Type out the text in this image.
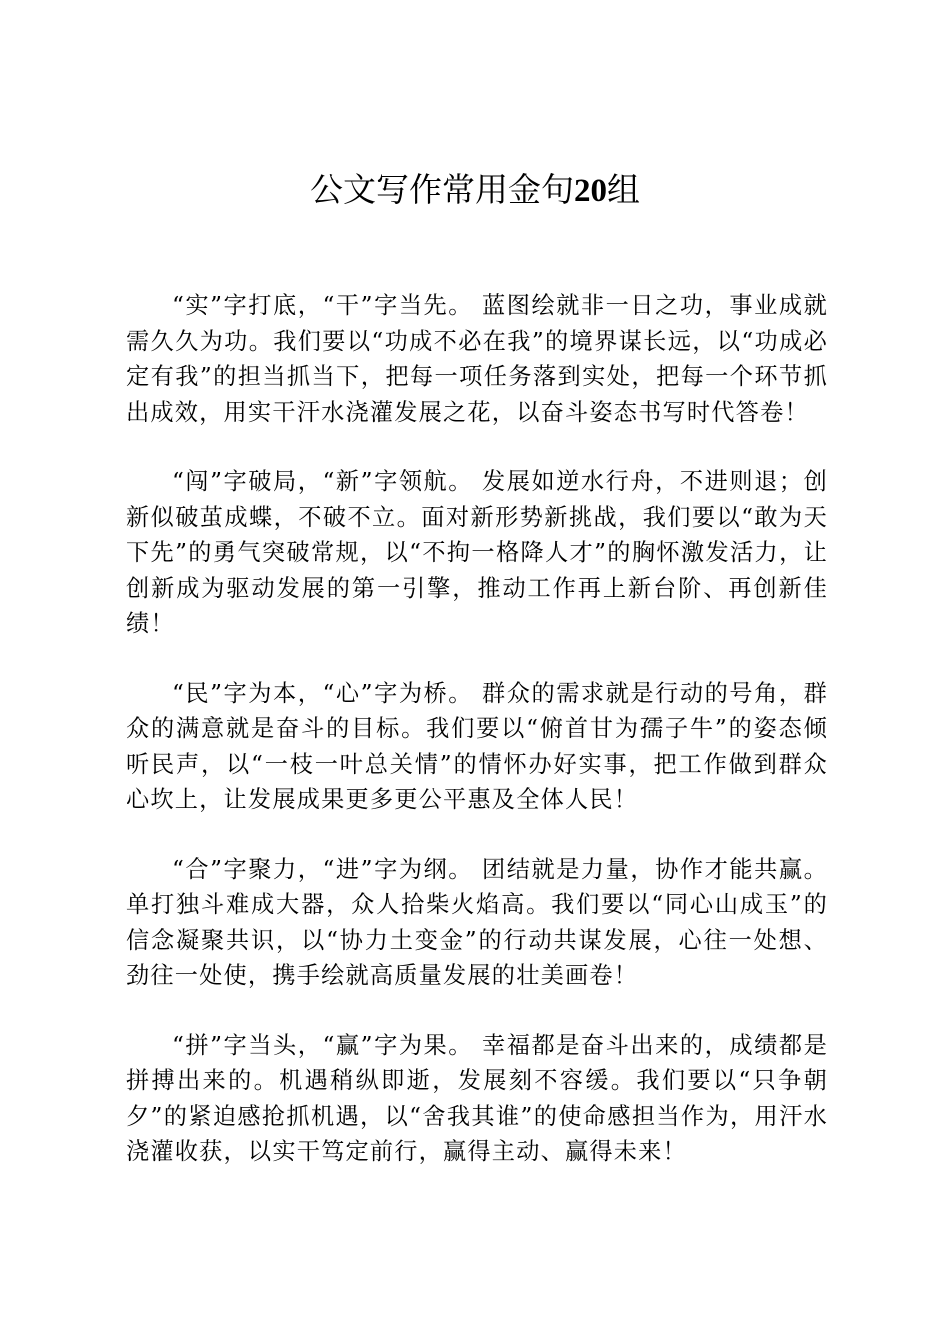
公文写作常用金句20组

“实”字打底，“干”字当先。 蓝图绘就非一日之功，事业成就需久久为功。我们要以“功成不必在我”的境界谋长远，以“功成必定有我”的担当抓当下，把每一项任务落到实处，把每一个环节抓出成效，用实干汗水浇灌发展之花，以奋斗姿态书写时代答卷！

“闯”字破局，“新”字领航。 发展如逆水行舟，不进则退；创新似破茧成蝶，不破不立。面对新形势新挑战，我们要以“敢为天下先”的勇气突破常规，以“不拘一格降人才”的胸怀激发活力，让创新成为驱动发展的第一引擎，推动工作再上新台阶、再创新佳绩！

“民”字为本，“心”字为桥。 群众的需求就是行动的号角，群众的满意就是奋斗的目标。我们要以“俯首甘为孺子牛”的姿态倾听民声，以“一枝一叶总关情”的情怀办好实事，把工作做到群众心坎上，让发展成果更多更公平惠及全体人民！

“合”字聚力，“进”字为纲。 团结就是力量，协作才能共赢。单打独斗难成大器，众人拾柴火焰高。我们要以“同心山成玉”的信念凝聚共识，以“协力土变金”的行动共谋发展，心往一处想、劲往一处使，携手绘就高质量发展的壮美画卷！

“拼”字当头，“赢”字为果。 幸福都是奋斗出来的，成绩都是拼搏出来的。机遇稍纵即逝，发展刻不容缓。我们要以“只争朝夕”的紧迫感抢抓机遇，以“舍我其谁”的使命感担当作为，用汗水浇灌收获，以实干笃定前行，赢得主动、赢得未来！
